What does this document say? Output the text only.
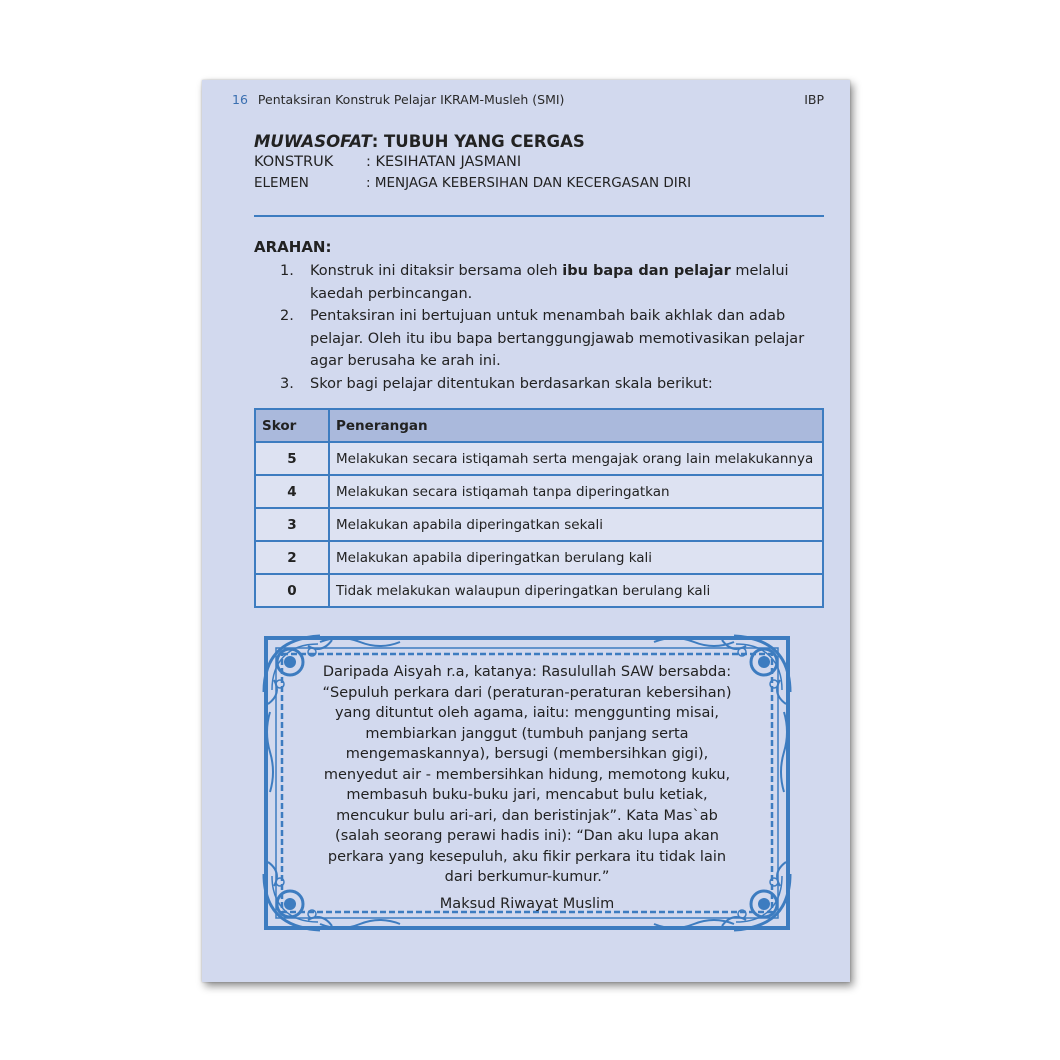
16 Pentaksiran Konstruk Pelajar IKRAM-Musleh (SMI)	IBP
MUWASOFAT: TUBUH YANG CERGAS
KONSTRUK : KESIHATAN JASMANI
ELEMEN	: MENJAGA KEBERSIHAN DAN KECERGASAN DIRI
ARAHAN:
1. Konstruk ini ditaksir bersama oleh ibu bapa dan pelajar melalui kaedah perbincangan.
2. Pentaksiran ini bertujuan untuk menambah baik akhlak dan adab pelajar. Oleh itu ibu bapa bertanggungjawab memotivasikan pelajar agar berusaha ke arah ini.
3. Skor bagi pelajar ditentukan berdasarkan skala berikut:
Skor	Penerangan
5	Melakukan secara istiqamah serta mengajak orang lain melakukannya
4	Melakukan secara istiqamah tanpa diperingatkan
3	Melakukan apabila diperingatkan sekali
2	Melakukan apabila diperingatkan berulang kali
0	Tidak melakukan walaupun diperingatkan berulang kali
Daripada Aisyah r.a, katanya: Rasulullah SAW bersabda: “Sepuluh perkara dari (peraturan-peraturan kebersihan) yang dituntut oleh agama, iaitu: menggunting misai, membiarkan janggut (tumbuh panjang serta mengemaskannya), bersugi (membersihkan gigi), menyedut air - membersihkan hidung, memotong kuku, membasuh buku-buku jari, mencabut bulu ketiak, mencukur bulu ari-ari, dan beristinjak”. Kata Mas`ab (salah seorang perawi hadis ini): “Dan aku lupa akan perkara yang kesepuluh, aku fikir perkara itu tidak lain dari berkumur-kumur.”
Maksud Riwayat Muslim
